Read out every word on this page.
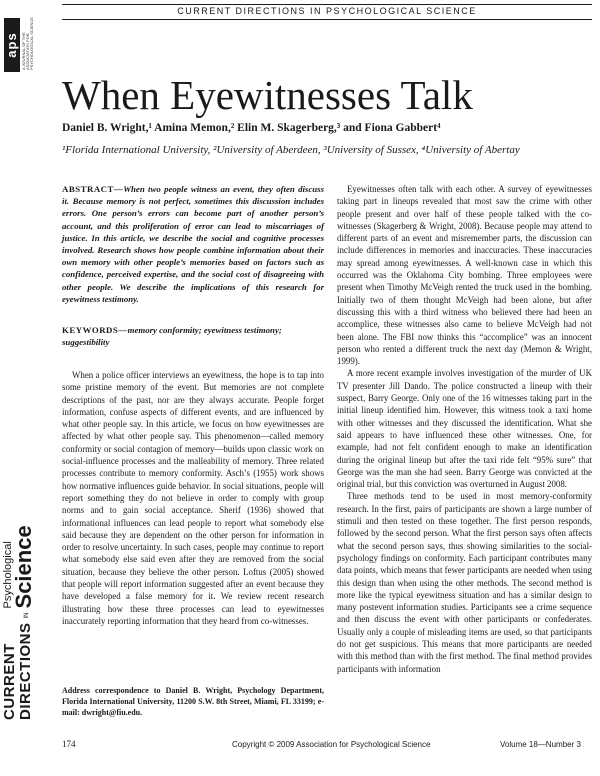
aps A JOURNAL OF THE ASSOCIATION FOR PSYCHOLOGICAL SCIENCE
CURRENT DIRECTIONS
IN
Psychological
Science
CURRENT DIRECTIONS IN PSYCHOLOGICAL SCIENCE
When Eyewitnesses Talk
Daniel B. Wright,¹ Amina Memon,² Elin M. Skagerberg,³ and Fiona Gabbert⁴
¹Florida International University, ²University of Aberdeen, ³University of Sussex, ⁴University of Abertay
ABSTRACT—When two people witness an event, they often discuss it. Because memory is not perfect, sometimes this discussion includes errors. One person’s errors can become part of another person’s account, and this proliferation of error can lead to miscarriages of justice. In this article, we describe the social and cognitive processes involved. Research shows how people combine information about their own memory with other people’s memories based on factors such as confidence, perceived expertise, and the social cost of disagreeing with other people. We describe the implications of this research for eyewitness testimony.
KEYWORDS—memory conformity; eyewitness testimony; suggestibility

When a police officer interviews an eyewitness, the hope is to tap into some pristine memory of the event. But memories are not complete descriptions of the past, nor are they always accurate. People forget information, confuse aspects of different events, and are influenced by what other people say. In this article, we focus on how eyewitnesses are affected by what other people say. This phenomenon—called memory conformity or social contagion of memory—builds upon classic work on social-influence processes and the malleability of memory. Three related processes contribute to memory conformity. Asch’s (1955) work shows how normative influences guide behavior. In social situations, people will report something they do not believe in order to comply with group norms and to gain social acceptance. Sherif (1936) showed that informational influences can lead people to report what somebody else said because they are dependent on the other person for information in order to resolve uncertainty. In such cases, people may continue to report what somebody else said even after they are removed from the social situation, because they believe the other person. Loftus (2005) showed that people will report information suggested after an event because they have developed a false memory for it. We review recent research illustrating how these three processes can lead to eyewitnesses inaccurately reporting information that they heard from co-witnesses.

Address correspondence to Daniel B. Wright, Psychology Department, Florida International University, 11200 S.W. 8th Street, Miami, FL 33199; e-mail: dwright@fiu.edu.

Eyewitnesses often talk with each other. A survey of eyewitnesses taking part in lineups revealed that most saw the crime with other people present and over half of these people talked with the co-witnesses (Skagerberg & Wright, 2008). Because people may attend to different parts of an event and misremember parts, the discussion can include differences in memories and inaccuracies. These inaccuracies may spread among eyewitnesses. A well-known case in which this occurred was the Oklahoma City bombing. Three employees were present when Timothy McVeigh rented the truck used in the bombing. Initially two of them thought McVeigh had been alone, but after discussing this with a third witness who believed there had been an accomplice, these witnesses also came to believe McVeigh had not been alone. The FBI now thinks this “accomplice” was an innocent person who rented a different truck the next day (Memon & Wright, 1999).

A more recent example involves investigation of the murder of UK TV presenter Jill Dando. The police constructed a lineup with their suspect, Barry George. Only one of the 16 witnesses taking part in the initial lineup identified him. However, this witness took a taxi home with other witnesses and they discussed the identification. What she said appears to have influenced these other witnesses. One, for example, had not felt confident enough to make an identification during the original lineup but after the taxi ride felt “95% sure” that George was the man she had seen. Barry George was convicted at the original trial, but this conviction was overturned in August 2008.

Three methods tend to be used in most memory-conformity research. In the first, pairs of participants are shown a large number of stimuli and then tested on these together. The first person responds, followed by the second person. What the first person says often affects what the second person says, thus showing similarities to the social-psychology findings on conformity. Each participant contributes many data points, which means that fewer participants are needed when using this design than when using the other methods. The second method is more like the typical eyewitness situation and has a similar design to many postevent information studies. Participants see a crime sequence and then discuss the event with other participants or confederates. Usually only a couple of misleading items are used, so that participants do not get suspicious. This means that more participants are needed with this method than with the first method. The final method provides participants with information

174	Copyright © 2009 Association for Psychological Science	Volume 18—Number 3
